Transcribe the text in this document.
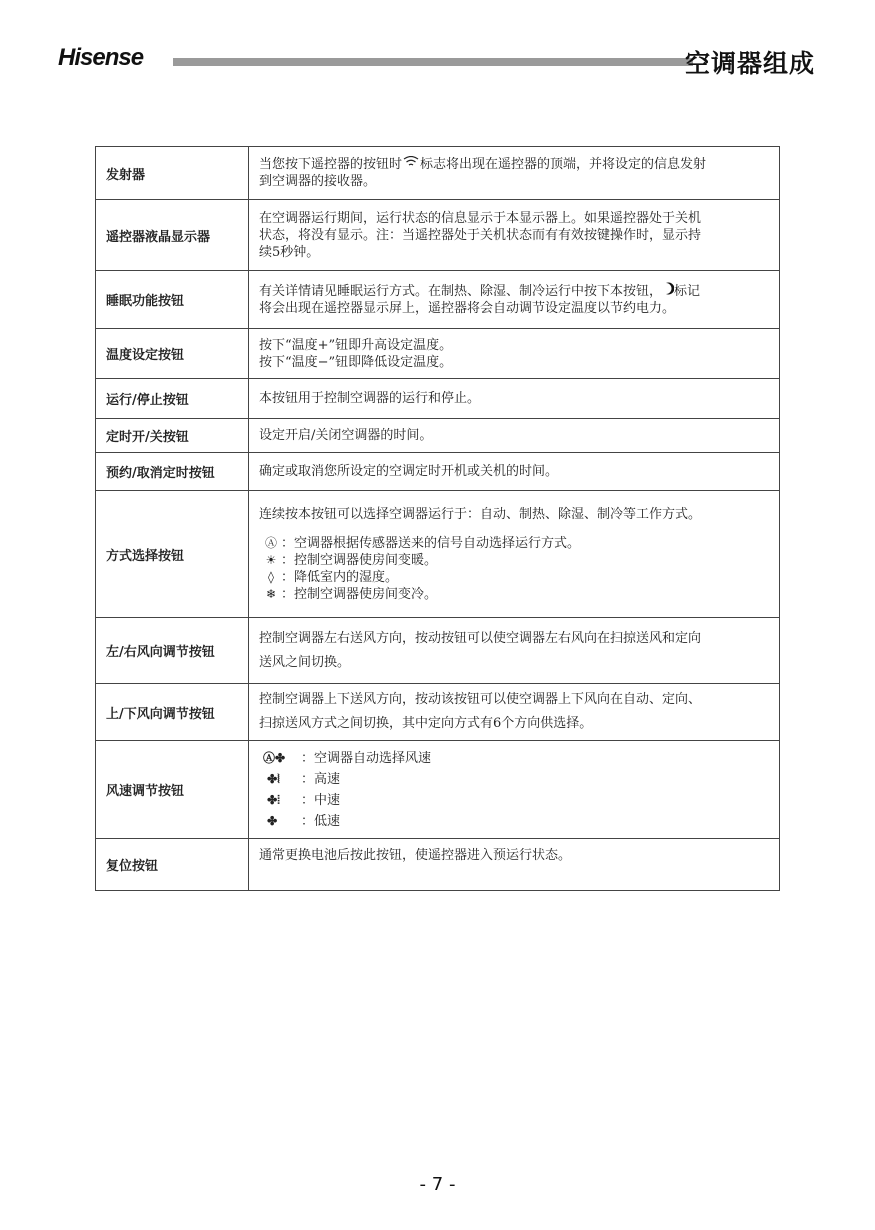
Hisense	空调器组成
发射器	当您按下遥控器的按钮时 标志将出现在遥控器的顶端，并将设定的信息发射
到空调器的接收器。

遥控器液晶显示器	在空调器运行期间，运行状态的信息显示于本显示器上。如果遥控器处于关机
状态，将没有显示。注：当遥控器处于关机状态而有有效按键操作时，显示持
续5秒钟。

睡眠功能按钮	有关详情请见睡眠运行方式。在制热、除湿、制冷运行中按下本按钮， 标记
将会出现在遥控器显示屏上，遥控器将会自动调节设定温度以节约电力。

温度设定按钮	按下“温度+”钮即升高设定温度。
按下“温度−”钮即降低设定温度。

运行/停止按钮	本按钮用于控制空调器的运行和停止。

定时开/关按钮	设定开启/关闭空调器的时间。

预约/取消定时按钮	确定或取消您所设定的空调定时开机或关机的时间。

方式选择按钮	连续按本按钮可以选择空调器运行于：自动、制热、除湿、制冷等工作方式。
Ⓐ ：空调器根据传感器送来的信号自动选择运行方式。
☀ ：控制空调器使房间变暖。
◊ ：降低室内的湿度。
❄ ：控制空调器使房间变冷。

左/右风向调节按钮	控制空调器左右送风方向，按动按钮可以使空调器左右风向在扫掠送风和定向
送风之间切换。

上/下风向调节按钮	控制空调器上下送风方向，按动该按钮可以使空调器上下风向在自动、定向、
扫掠送风方式之间切换，其中定向方式有6个方向供选择。

风速调节按钮	Ⓐ✤ ：空调器自动选择风速
✤⦚ ：高速
✤⦙ ：中速
✤ ：低速

复位按钮	通常更换电池后按此按钮，使遥控器进入预运行状态。
- 7 -
